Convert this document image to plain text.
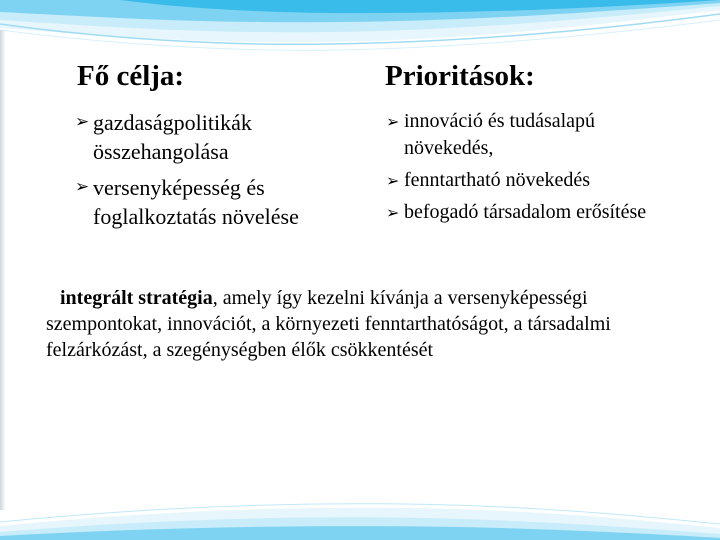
Fő célja:	Prioritások:
➢ gazdaságpolitikák összehangolása
➢ versenyképesség és foglalkoztatás növelése
➢ innováció és tudásalapú növekedés,
➢ fenntartható növekedés
➢ befogadó társadalom erősítése

integrált stratégia, amely így kezelni kívánja a versenyképességi szempontokat, innovációt, a környezeti fenntarthatóságot, a társadalmi felzárkózást, a szegénységben élők csökkentését
